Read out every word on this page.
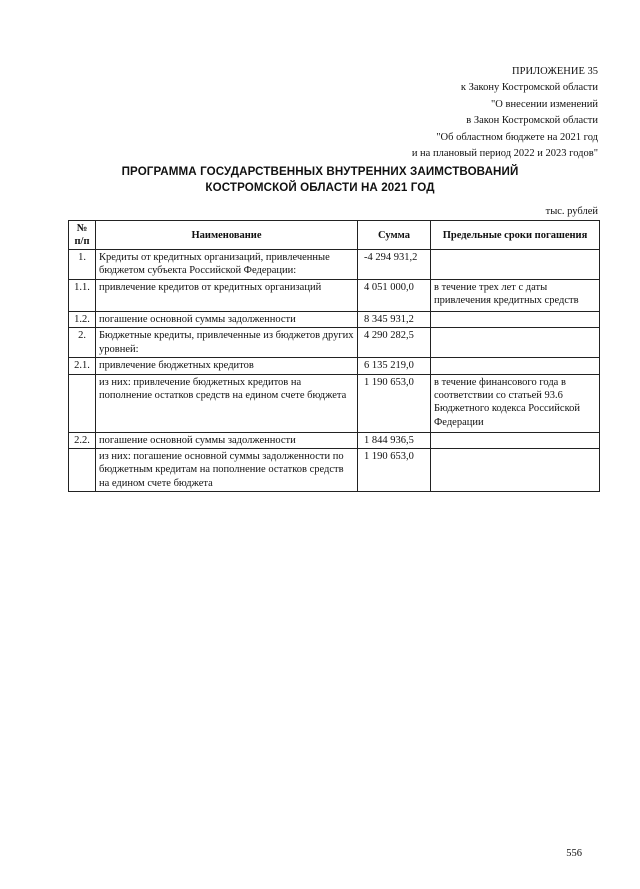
ПРИЛОЖЕНИЕ 35
к Закону Костромской области
"О внесении изменений
в Закон Костромской области
"Об областном бюджете на 2021 год
и на плановый период 2022 и 2023 годов"
ПРОГРАММА ГОСУДАРСТВЕННЫХ ВНУТРЕННИХ ЗАИМСТВОВАНИЙ
КОСТРОМСКОЙ ОБЛАСТИ НА 2021 ГОД
тыс. рублей
№
п/п	Наименование	Сумма	Предельные сроки погашения
1.	Кредиты от кредитных организаций, привлеченные бюджетом субъекта Российской Федерации:	-4 294 931,2	
1.1.	привлечение кредитов от кредитных организаций	4 051 000,0	в течение трех лет с даты привлечения кредитных средств
1.2.	погашение основной суммы задолженности	8 345 931,2	
2.	Бюджетные кредиты, привлеченные из бюджетов других уровней:	4 290 282,5	
2.1.	привлечение бюджетных кредитов	6 135 219,0	
	из них: привлечение бюджетных кредитов на пополнение остатков средств на едином счете бюджета	1 190 653,0	в течение финансового года в соответствии со статьей 93.6 Бюджетного кодекса Российской Федерации
2.2.	погашение основной суммы задолженности	1 844 936,5	
	из них: погашение основной суммы задолженности по бюджетным кредитам на пополнение остатков средств на едином счете бюджета	1 190 653,0	
556
